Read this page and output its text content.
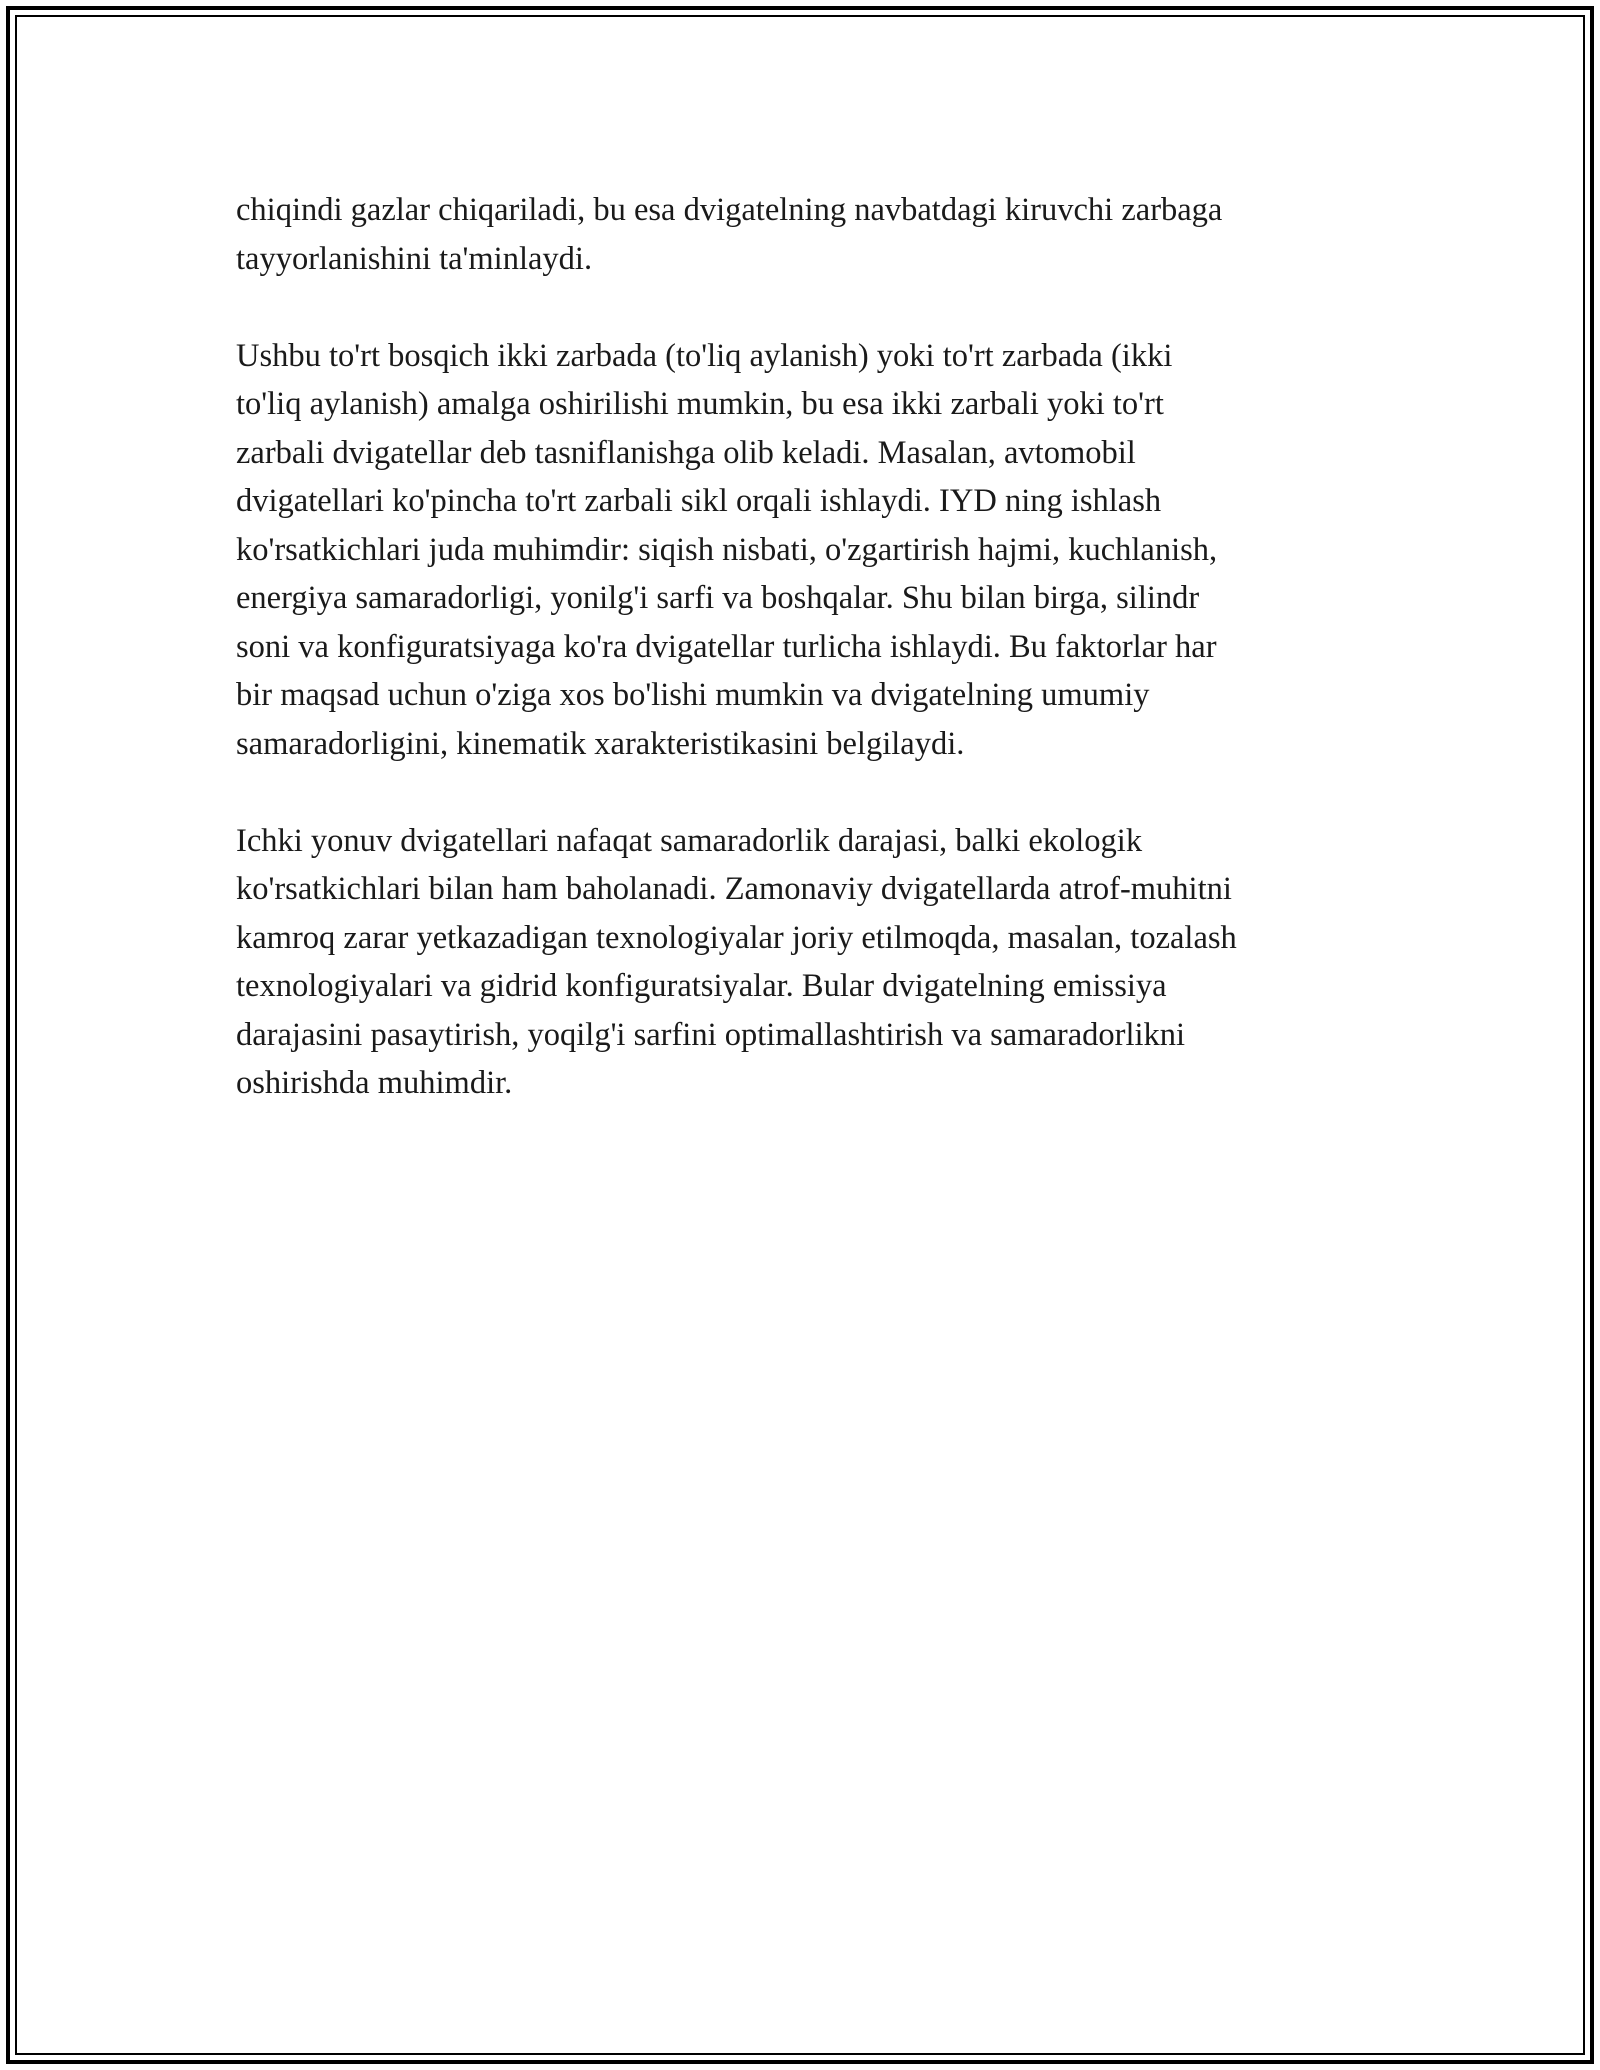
chiqindi gazlar chiqariladi, bu esa dvigatelning navbatdagi kiruvchi zarbaga
tayyorlanishini ta'minlaydi.

Ushbu to'rt bosqich ikki zarbada (to'liq aylanish) yoki to'rt zarbada (ikki
to'liq aylanish) amalga oshirilishi mumkin, bu esa ikki zarbali yoki to'rt
zarbali dvigatellar deb tasniflanishga olib keladi. Masalan, avtomobil
dvigatellari ko'pincha to'rt zarbali sikl orqali ishlaydi. IYD ning ishlash
ko'rsatkichlari juda muhimdir: siqish nisbati, o'zgartirish hajmi, kuchlanish,
energiya samaradorligi, yonilg'i sarfi va boshqalar. Shu bilan birga, silindr
soni va konfiguratsiyaga ko'ra dvigatellar turlicha ishlaydi. Bu faktorlar har
bir maqsad uchun o'ziga xos bo'lishi mumkin va dvigatelning umumiy
samaradorligini, kinematik xarakteristikasini belgilaydi.

Ichki yonuv dvigatellari nafaqat samaradorlik darajasi, balki ekologik
ko'rsatkichlari bilan ham baholanadi. Zamonaviy dvigatellarda atrof-muhitni
kamroq zarar yetkazadigan texnologiyalar joriy etilmoqda, masalan, tozalash
texnologiyalari va gidrid konfiguratsiyalar. Bular dvigatelning emissiya
darajasini pasaytirish, yoqilg'i sarfini optimallashtirish va samaradorlikni
oshirishda muhimdir.
